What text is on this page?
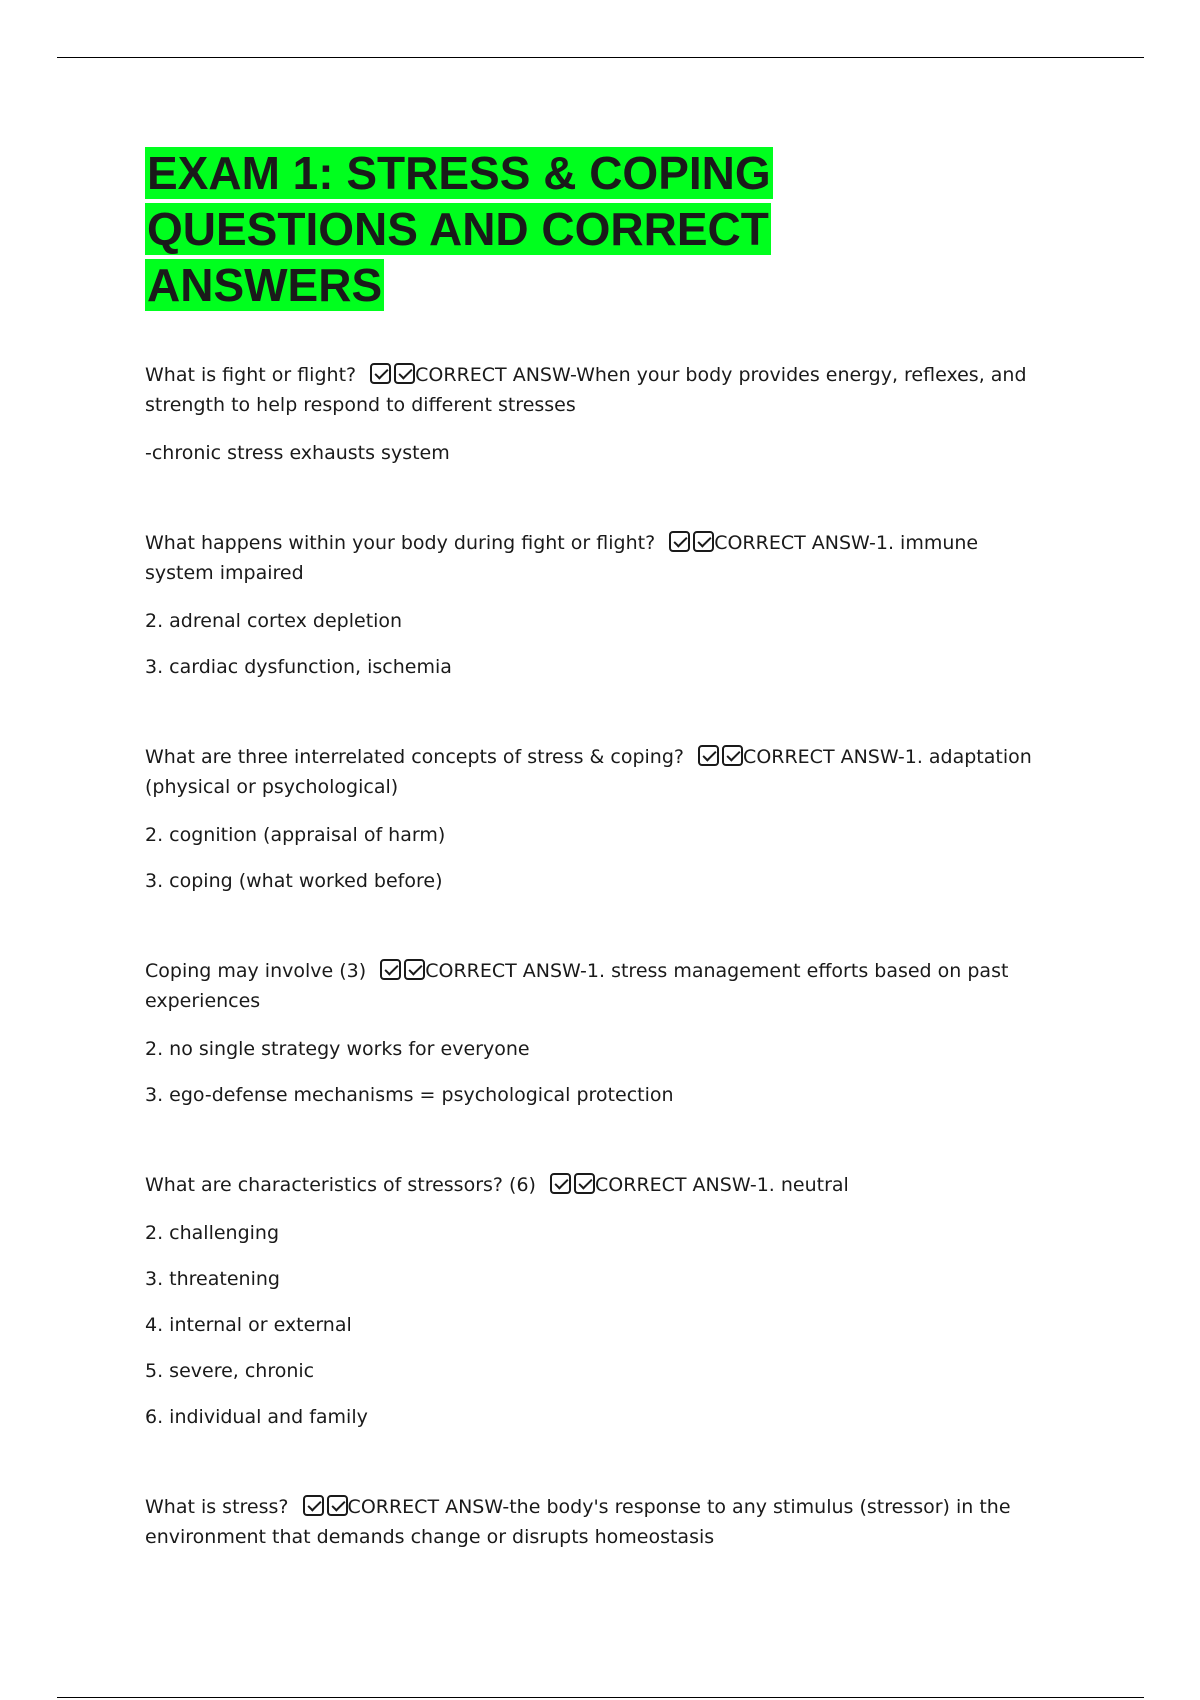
EXAM 1: STRESS & COPING QUESTIONS AND CORRECT ANSWERS

What is fight or flight?	CORRECT ANSW-When your body provides energy, reflexes, and strength to help respond to different stresses

-chronic stress exhausts system

What happens within your body during fight or flight?	CORRECT ANSW-1. immune system impaired

2. adrenal cortex depletion

3. cardiac dysfunction, ischemia

What are three interrelated concepts of stress & coping?	CORRECT ANSW-1. adaptation (physical or psychological)

2. cognition (appraisal of harm)

3. coping (what worked before)

Coping may involve (3)	CORRECT ANSW-1. stress management efforts based on past experiences

2. no single strategy works for everyone

3. ego-defense mechanisms = psychological protection

What are characteristics of stressors? (6)	CORRECT ANSW-1. neutral

2. challenging

3. threatening

4. internal or external

5. severe, chronic

6. individual and family

What is stress?	CORRECT ANSW-the body's response to any stimulus (stressor) in the environment that demands change or disrupts homeostasis
